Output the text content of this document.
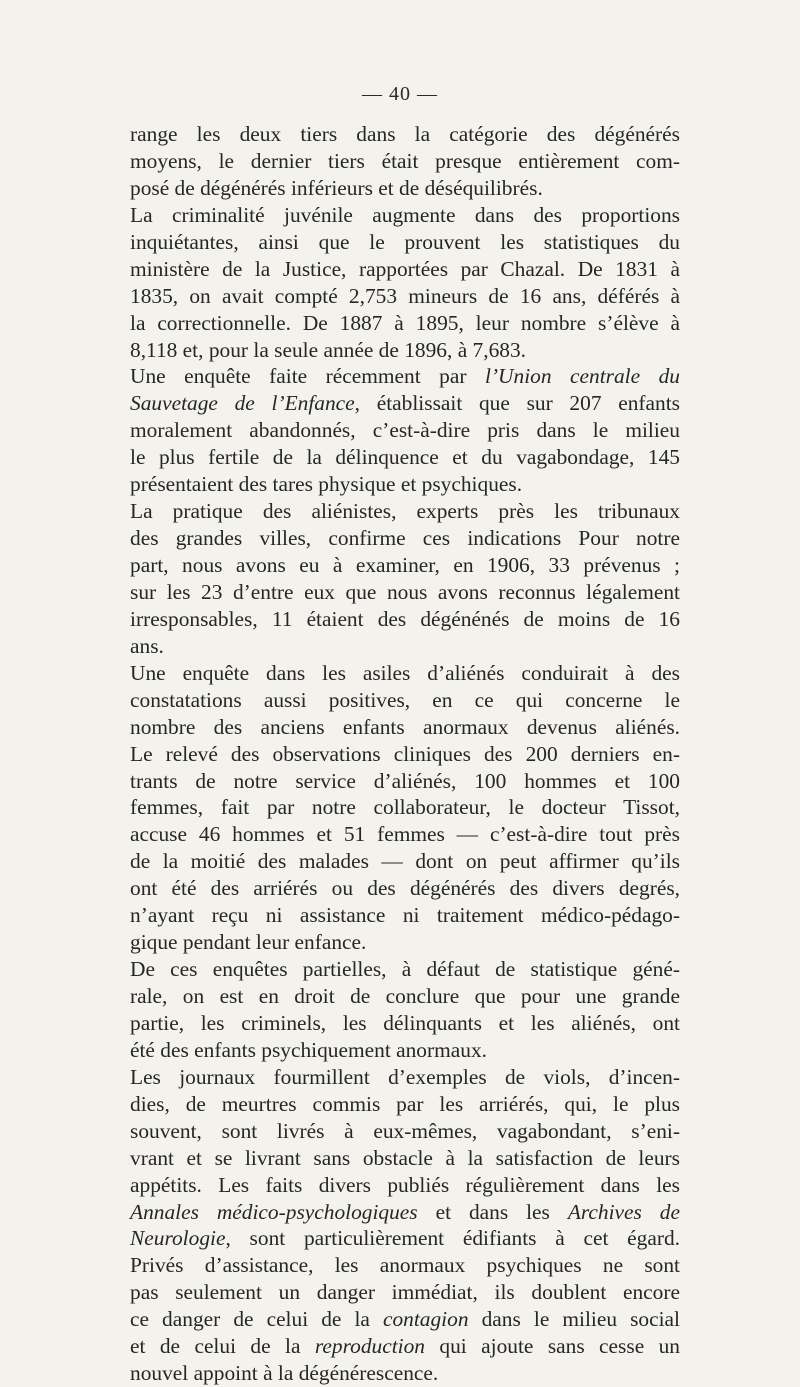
— 40 —
range les deux tiers dans la catégorie des dégénérés
moyens, le dernier tiers était presque entièrement com-
posé de dégénérés inférieurs et de déséquilibrés.
La criminalité juvénile augmente dans des proportions
inquiétantes, ainsi que le prouvent les statistiques du
ministère de la Justice, rapportées par Chazal. De 1831 à
1835, on avait compté 2,753 mineurs de 16 ans, déférés à
la correctionnelle. De 1887 à 1895, leur nombre s’élève à
8,118 et, pour la seule année de 1896, à 7,683.
Une enquête faite récemment par l’Union centrale du
Sauvetage de l’Enfance, établissait que sur 207 enfants
moralement abandonnés, c’est-à-dire pris dans le milieu
le plus fertile de la délinquence et du vagabondage, 145
présentaient des tares physique et psychiques.
La pratique des aliénistes, experts près les tribunaux
des grandes villes, confirme ces indications Pour notre
part, nous avons eu à examiner, en 1906, 33 prévenus ;
sur les 23 d’entre eux que nous avons reconnus légalement
irresponsables, 11 étaient des dégénénés de moins de 16
ans.
Une enquête dans les asiles d’aliénés conduirait à des
constatations aussi positives, en ce qui concerne le
nombre des anciens enfants anormaux devenus aliénés.
Le relevé des observations cliniques des 200 derniers en-
trants de notre service d’aliénés, 100 hommes et 100
femmes, fait par notre collaborateur, le docteur Tissot,
accuse 46 hommes et 51 femmes — c’est-à-dire tout près
de la moitié des malades — dont on peut affirmer qu’ils
ont été des arriérés ou des dégénérés des divers degrés,
n’ayant reçu ni assistance ni traitement médico-pédago-
gique pendant leur enfance.
De ces enquêtes partielles, à défaut de statistique géné-
rale, on est en droit de conclure que pour une grande
partie, les criminels, les délinquants et les aliénés, ont
été des enfants psychiquement anormaux.
Les journaux fourmillent d’exemples de viols, d’incen-
dies, de meurtres commis par les arriérés, qui, le plus
souvent, sont livrés à eux-mêmes, vagabondant, s’eni-
vrant et se livrant sans obstacle à la satisfaction de leurs
appétits. Les faits divers publiés régulièrement dans les
Annales médico-psychologiques et dans les Archives de
Neurologie, sont particulièrement édifiants à cet égard.
Privés d’assistance, les anormaux psychiques ne sont
pas seulement un danger immédiat, ils doublent encore
ce danger de celui de la contagion dans le milieu social
et de celui de la reproduction qui ajoute sans cesse un
nouvel appoint à la dégénérescence.
